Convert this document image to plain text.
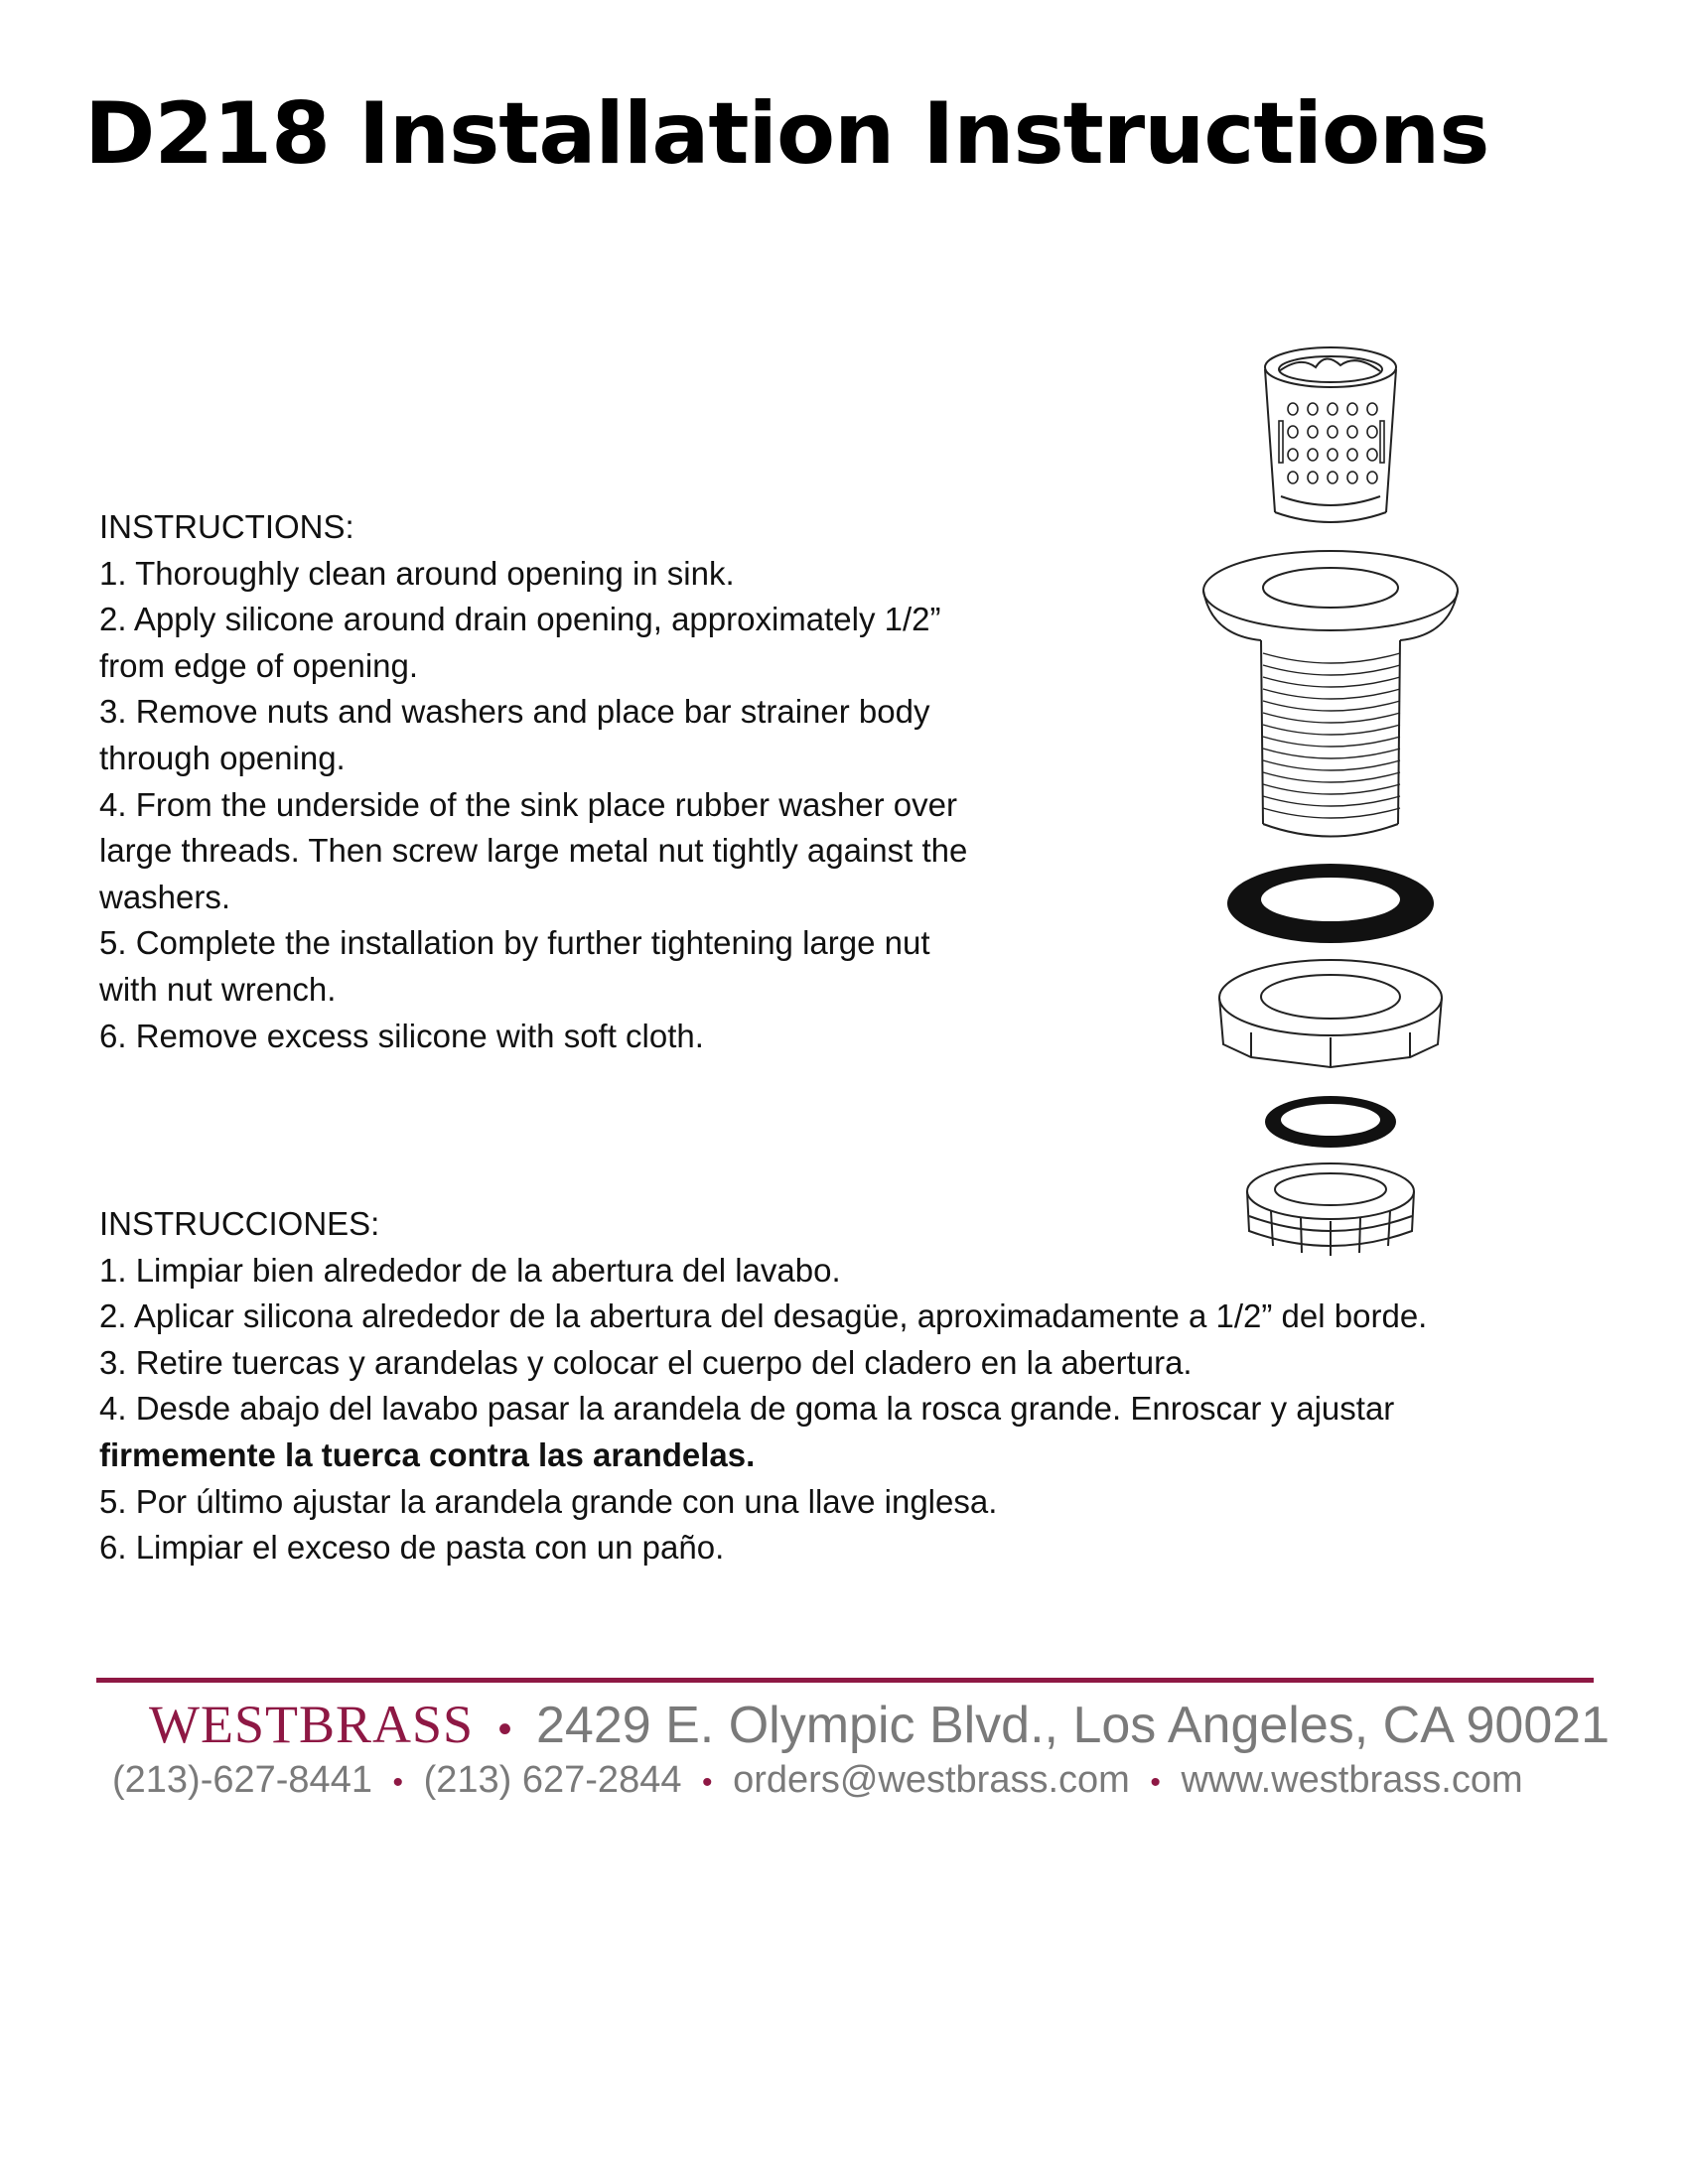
D218 Installation Instructions
INSTRUCTIONS:
1. Thoroughly clean around opening in sink.
2. Apply silicone around drain opening, approximately 1/2”
from edge of opening.
3. Remove nuts and washers and place bar strainer body
through opening.
4. From the underside of the sink place rubber washer over
large threads. Then screw large metal nut tightly against the
washers.
5. Complete the installation by further tightening large nut
with nut wrench.
6. Remove excess silicone with soft cloth.
INSTRUCCIONES:
1. Limpiar bien alrededor de la abertura del lavabo.
2. Aplicar silicona alrededor de la abertura del desagüe, aproximadamente a 1/2” del borde.
3. Retire tuercas y arandelas y colocar el cuerpo del cladero en la abertura.
4. Desde abajo del lavabo pasar la arandela de goma la rosca grande. Enroscar y ajustar
firmemente la tuerca contra las arandelas.
5. Por último ajustar la arandela grande con una llave inglesa.
6. Limpiar el exceso de pasta con un paño.
WESTBRASS • 2429 E. Olympic Blvd., Los Angeles, CA 90021
(213)-627-8441 • (213) 627-2844 • orders@westbrass.com • www.westbrass.com
